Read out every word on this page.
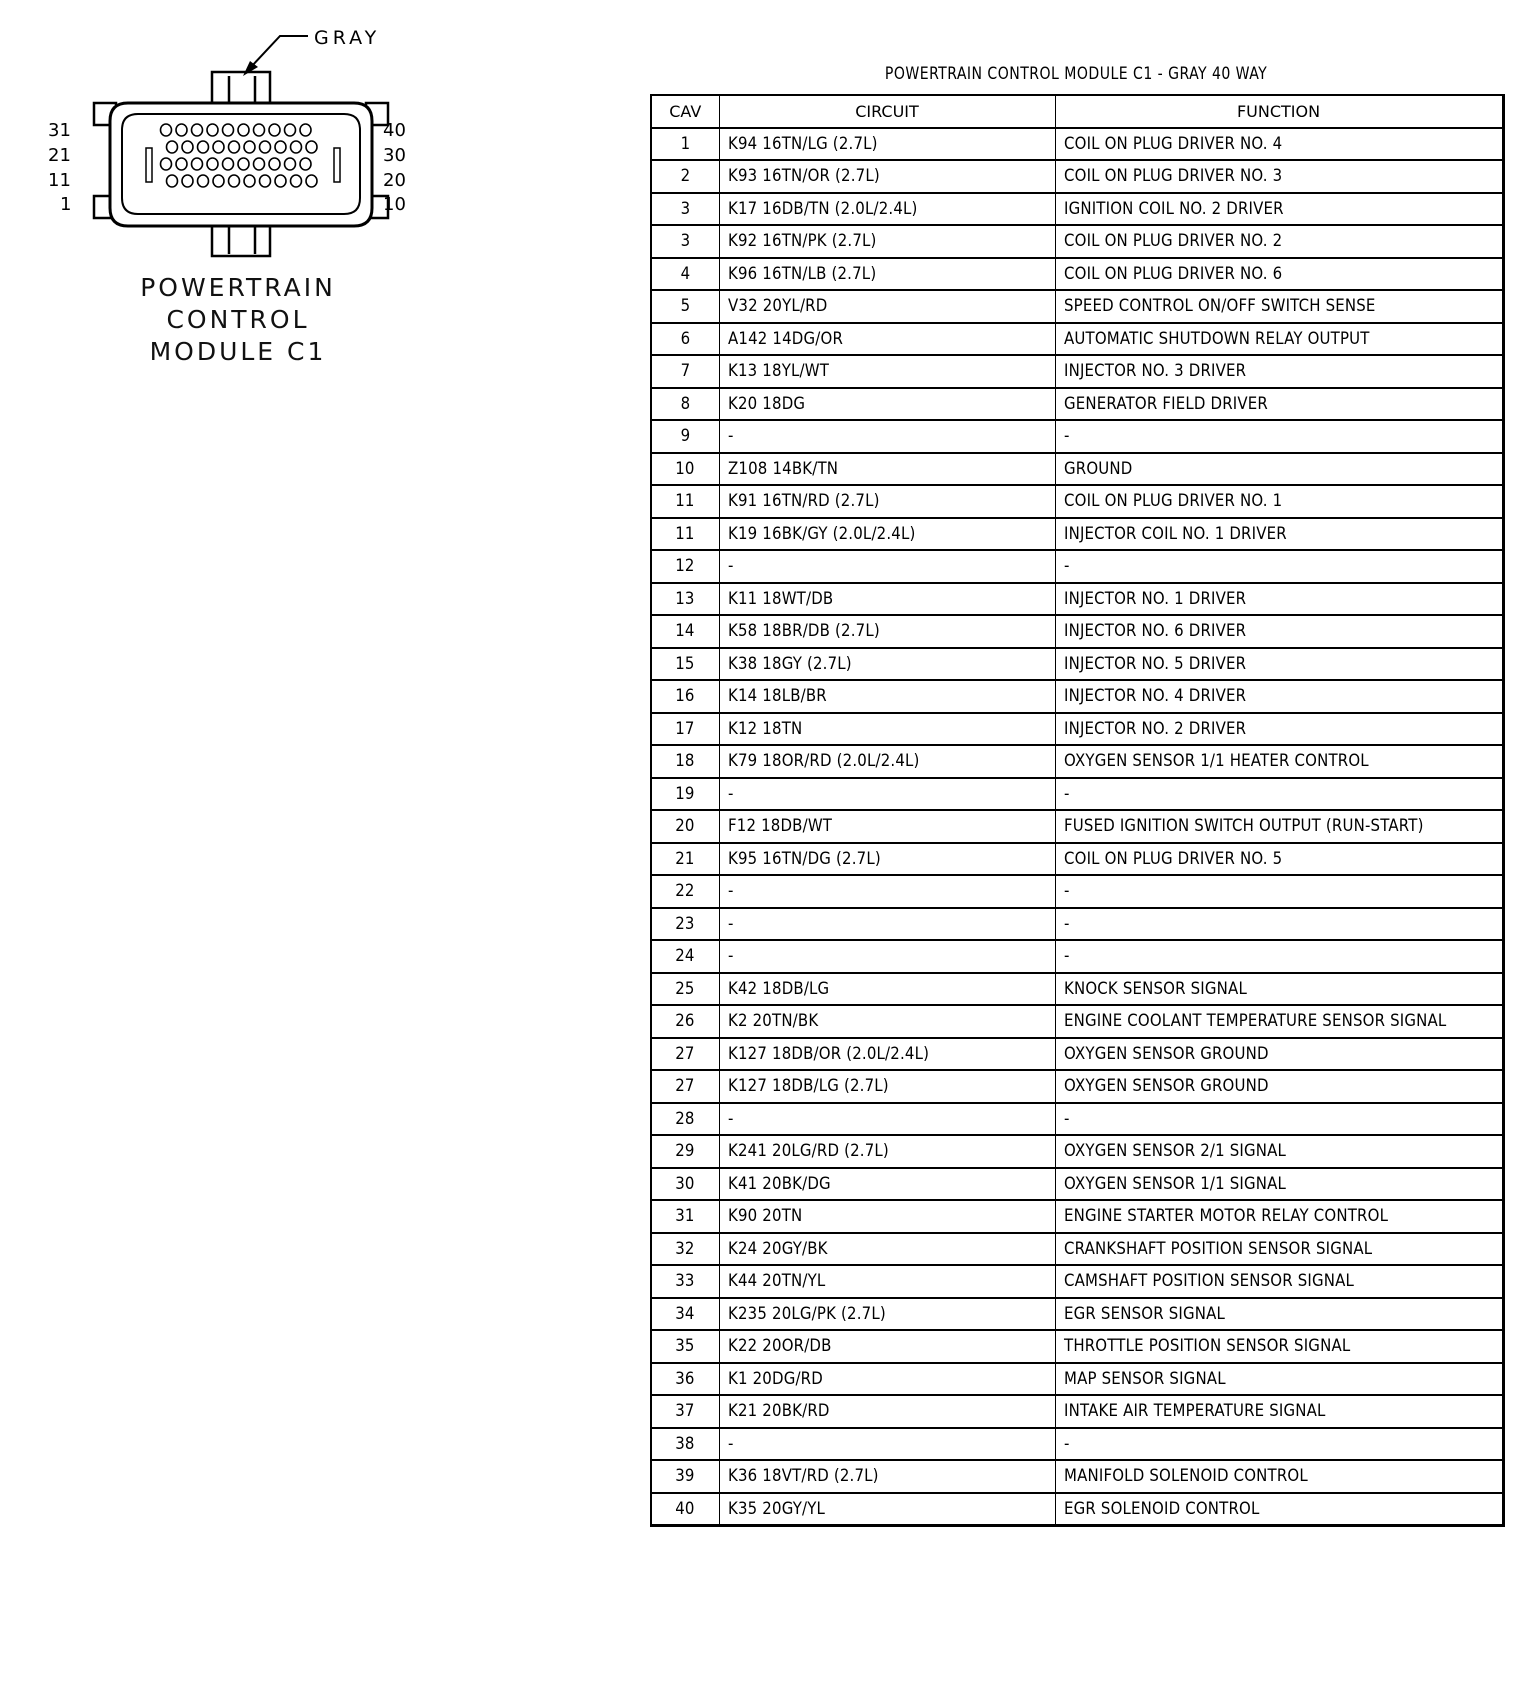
GRAY
31
21
11
1
40
30
20
10
POWERTRAIN
CONTROL
MODULE C1
POWERTRAIN CONTROL MODULE C1 - GRAY 40 WAY
CAV	CIRCUIT	FUNCTION
1	K94 16TN/LG (2.7L)	COIL ON PLUG DRIVER NO. 4
2	K93 16TN/OR (2.7L)	COIL ON PLUG DRIVER NO. 3
3	K17 16DB/TN (2.0L/2.4L)	IGNITION COIL NO. 2 DRIVER
3	K92 16TN/PK (2.7L)	COIL ON PLUG DRIVER NO. 2
4	K96 16TN/LB (2.7L)	COIL ON PLUG DRIVER NO. 6
5	V32 20YL/RD	SPEED CONTROL ON/OFF SWITCH SENSE
6	A142 14DG/OR	AUTOMATIC SHUTDOWN RELAY OUTPUT
7	K13 18YL/WT	INJECTOR NO. 3 DRIVER
8	K20 18DG	GENERATOR FIELD DRIVER
9	-	-
10	Z108 14BK/TN	GROUND
11	K91 16TN/RD (2.7L)	COIL ON PLUG DRIVER NO. 1
11	K19 16BK/GY (2.0L/2.4L)	INJECTOR COIL NO. 1 DRIVER
12	-	-
13	K11 18WT/DB	INJECTOR NO. 1 DRIVER
14	K58 18BR/DB (2.7L)	INJECTOR NO. 6 DRIVER
15	K38 18GY (2.7L)	INJECTOR NO. 5 DRIVER
16	K14 18LB/BR	INJECTOR NO. 4 DRIVER
17	K12 18TN	INJECTOR NO. 2 DRIVER
18	K79 18OR/RD (2.0L/2.4L)	OXYGEN SENSOR 1/1 HEATER CONTROL
19	-	-
20	F12 18DB/WT	FUSED IGNITION SWITCH OUTPUT (RUN-START)
21	K95 16TN/DG (2.7L)	COIL ON PLUG DRIVER NO. 5
22	-	-
23	-	-
24	-	-
25	K42 18DB/LG	KNOCK SENSOR SIGNAL
26	K2 20TN/BK	ENGINE COOLANT TEMPERATURE SENSOR SIGNAL
27	K127 18DB/OR (2.0L/2.4L)	OXYGEN SENSOR GROUND
27	K127 18DB/LG (2.7L)	OXYGEN SENSOR GROUND
28	-	-
29	K241 20LG/RD (2.7L)	OXYGEN SENSOR 2/1 SIGNAL
30	K41 20BK/DG	OXYGEN SENSOR 1/1 SIGNAL
31	K90 20TN	ENGINE STARTER MOTOR RELAY CONTROL
32	K24 20GY/BK	CRANKSHAFT POSITION SENSOR SIGNAL
33	K44 20TN/YL	CAMSHAFT POSITION SENSOR SIGNAL
34	K235 20LG/PK (2.7L)	EGR SENSOR SIGNAL
35	K22 20OR/DB	THROTTLE POSITION SENSOR SIGNAL
36	K1 20DG/RD	MAP SENSOR SIGNAL
37	K21 20BK/RD	INTAKE AIR TEMPERATURE SIGNAL
38	-	-
39	K36 18VT/RD (2.7L)	MANIFOLD SOLENOID CONTROL
40	K35 20GY/YL	EGR SOLENOID CONTROL
